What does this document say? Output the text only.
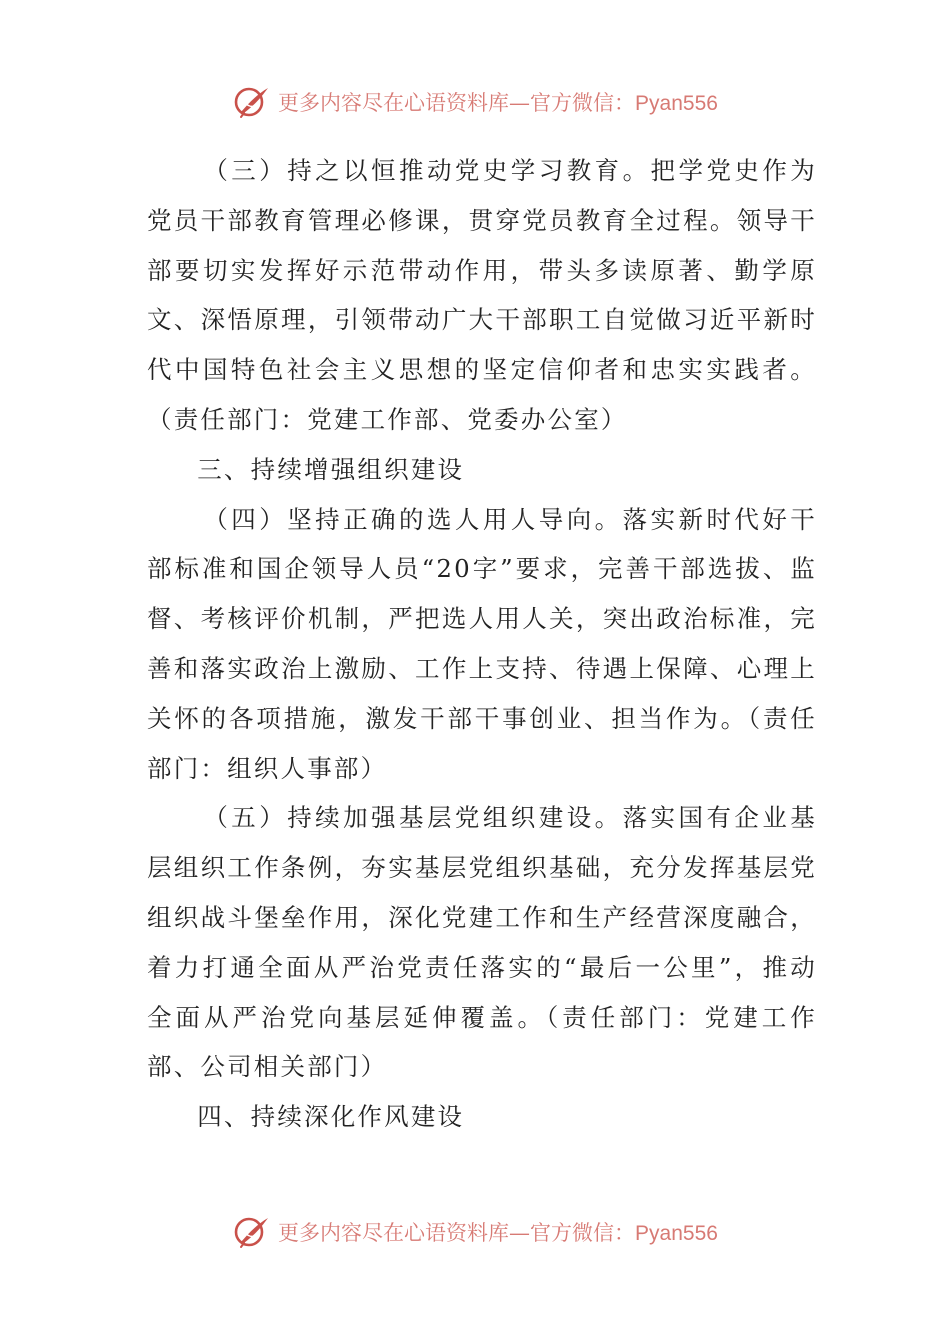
更多内容尽在心语资料库—官方微信：Pyan556

（三）持之以恒推动党史学习教育。把学党史作为党员干部教育管理必修课，贯穿党员教育全过程。领导干部要切实发挥好示范带动作用，带头多读原著、勤学原文、深悟原理，引领带动广大干部职工自觉做习近平新时代中国特色社会主义思想的坚定信仰者和忠实实践者。（责任部门：党建工作部、党委办公室）

三、持续增强组织建设

（四）坚持正确的选人用人导向。落实新时代好干部标准和国企领导人员“20字”要求，完善干部选拔、监督、考核评价机制，严把选人用人关，突出政治标准，完善和落实政治上激励、工作上支持、待遇上保障、心理上关怀的各项措施，激发干部干事创业、担当作为。（责任部门：组织人事部）

（五）持续加强基层党组织建设。落实国有企业基层组织工作条例，夯实基层党组织基础，充分发挥基层党组织战斗堡垒作用，深化党建工作和生产经营深度融合，着力打通全面从严治党责任落实的“最后一公里”，推动全面从严治党向基层延伸覆盖。（责任部门：党建工作部、公司相关部门）

四、持续深化作风建设

更多内容尽在心语资料库—官方微信：Pyan556
